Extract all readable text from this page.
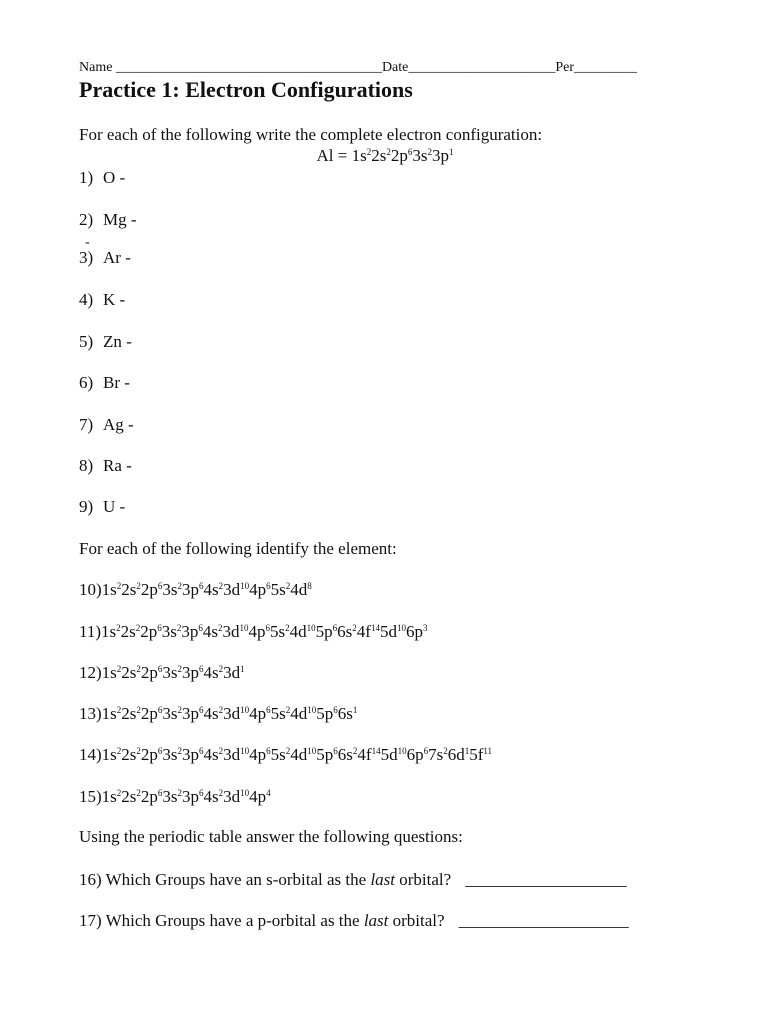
Name ______________________________________Date_____________________Per_________
Practice 1: Electron Configurations
For each of the following write the complete electron configuration:
$Al = 1s^22s^22p^63s^23p^1$
1) O -
2) Mg -
3) Ar -
4) K -
5) Zn -
6) Br -
7) Ag -
8) Ra -
9) U -
-
For each of the following identify the element:
$10)1s^22s^22p^63s^23p^64s^23d^{10}4p^65s^24d^8$
$11)1s^22s^22p^63s^23p^64s^23d^{10}4p^65s^24d^{10}5p^66s^24f^{14}5d^{10}6p^3$
$12)1s^22s^22p^63s^23p^64s^23d^1$
$13)1s^22s^22p^63s^23p^64s^23d^{10}4p^65s^24d^{10}5p^66s^1$
$14)1s^22s^22p^63s^23p^64s^23d^{10}4p^65s^24d^{10}5p^66s^24f^{14}5d^{10}6p^67s^26d^15f^{11}$
$15)1s^22s^22p^63s^23p^64s^23d^{10}4p^4$
Using the periodic table answer the following questions:
16) Which Groups have an s-orbital as the last orbital? ___________________
17) Which Groups have a p-orbital as the last orbital? ____________________
